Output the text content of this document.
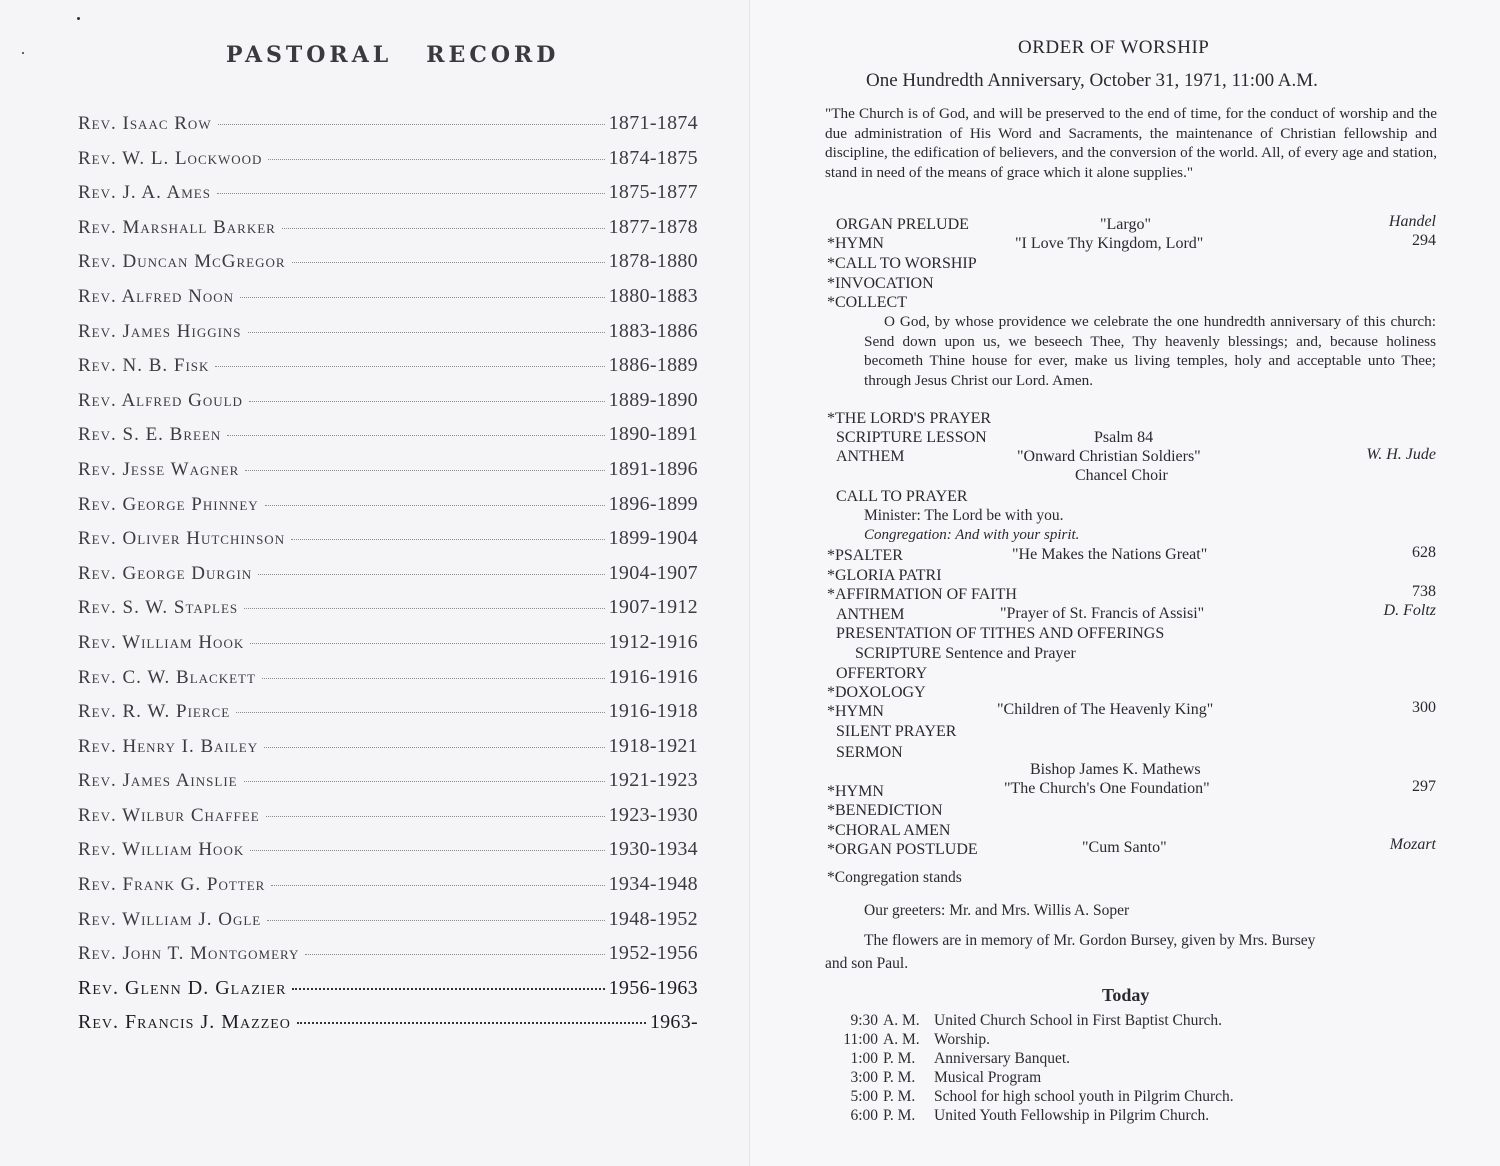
PASTORAL RECORD
Rev. Isaac Row	1871-1874
Rev. W. L. Lockwood	1874-1875
Rev. J. A. Ames	1875-1877
Rev. Marshall Barker	1877-1878
Rev. Duncan McGregor	1878-1880
Rev. Alfred Noon	1880-1883
Rev. James Higgins	1883-1886
Rev. N. B. Fisk	1886-1889
Rev. Alfred Gould	1889-1890
Rev. S. E. Breen	1890-1891
Rev. Jesse Wagner	1891-1896
Rev. George Phinney	1896-1899
Rev. Oliver Hutchinson	1899-1904
Rev. George Durgin	1904-1907
Rev. S. W. Staples	1907-1912
Rev. William Hook	1912-1916
Rev. C. W. Blackett	1916-1916
Rev. R. W. Pierce	1916-1918
Rev. Henry I. Bailey	1918-1921
Rev. James Ainslie	1921-1923
Rev. Wilbur Chaffee	1923-1930
Rev. William Hook	1930-1934
Rev. Frank G. Potter	1934-1948
Rev. William J. Ogle	1948-1952
Rev. John T. Montgomery	1952-1956
Rev. Glenn D. Glazier	1956-1963
Rev. Francis J. Mazzeo	1963-
ORDER OF WORSHIP
One Hundredth Anniversary, October 31, 1971, 11:00 A.M.
"The Church is of God, and will be preserved to the end of time, for the conduct of worship and the due administration of His Word and Sacraments, the maintenance of Christian fellowship and discipline, the edification of believers, and the conversion of the world. All, of every age and station, stand in need of the means of grace which it alone supplies."
ORGAN PRELUDE	"Largo"	Handel
*HYMN	"I Love Thy Kingdom, Lord"	294
*CALL TO WORSHIP
*INVOCATION
*COLLECT
O God, by whose providence we celebrate the one hundredth anniversary of this church: Send down upon us, we beseech Thee, Thy heavenly blessings; and, because holiness becometh Thine house for ever, make us living temples, holy and acceptable unto Thee; through Jesus Christ our Lord. Amen.
*THE LORD'S PRAYER
SCRIPTURE LESSON	Psalm 84
ANTHEM	"Onward Christian Soldiers"	W. H. Jude
Chancel Choir
CALL TO PRAYER
Minister: The Lord be with you.
Congregation: And with your spirit.
*PSALTER	"He Makes the Nations Great"	628
*GLORIA PATRI
*AFFIRMATION OF FAITH	738
ANTHEM	"Prayer of St. Francis of Assisi"	D. Foltz
PRESENTATION OF TITHES AND OFFERINGS
SCRIPTURE Sentence and Prayer
OFFERTORY
*DOXOLOGY
*HYMN	"Children of The Heavenly King"	300
SILENT PRAYER
SERMON
Bishop James K. Mathews
*HYMN	"The Church's One Foundation"	297
*BENEDICTION
*CHORAL AMEN
*ORGAN POSTLUDE	"Cum Santo"	Mozart
*Congregation stands
Our greeters: Mr. and Mrs. Willis A. Soper
The flowers are in memory of Mr. Gordon Bursey, given by Mrs. Bursey
and son Paul.
Today
9:30 A. M. United Church School in First Baptist Church.
11:00 A. M. Worship.
1:00 P. M.	Anniversary Banquet.
3:00 P. M.	Musical Program
5:00 P. M.	School for high school youth in Pilgrim Church.
6:00 P. M.	United Youth Fellowship in Pilgrim Church.
